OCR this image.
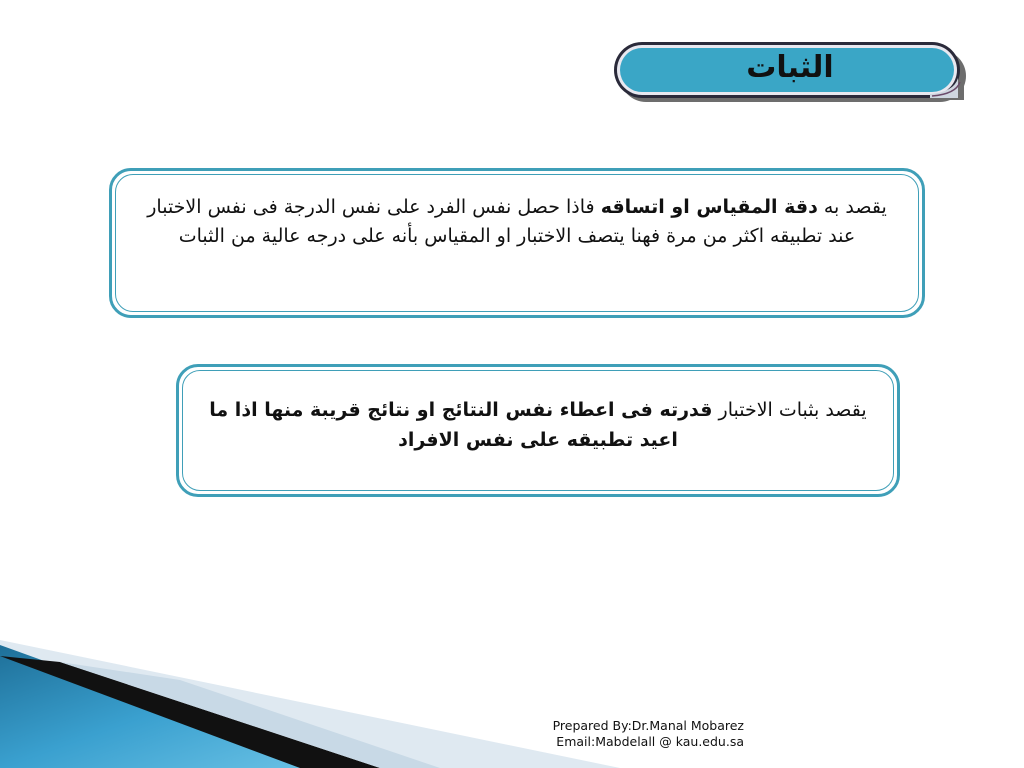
الثبات
يقصد به دقة المقياس او اتساقه فاذا حصل نفس الفرد على نفس الدرجة فى نفس الاختبار عند تطبيقه اكثر من مرة فهنا يتصف الاختبار او المقياس بأنه على درجه عالية من الثبات
يقصد بثبات الاختبار قدرته فى اعطاء نفس النتائج او نتائج قريبة منها اذا ما اعيد تطبيقه على نفس الافراد
Prepared By:Dr.Manal Mobarez
Email:Mabdelall @ kau.edu.sa
